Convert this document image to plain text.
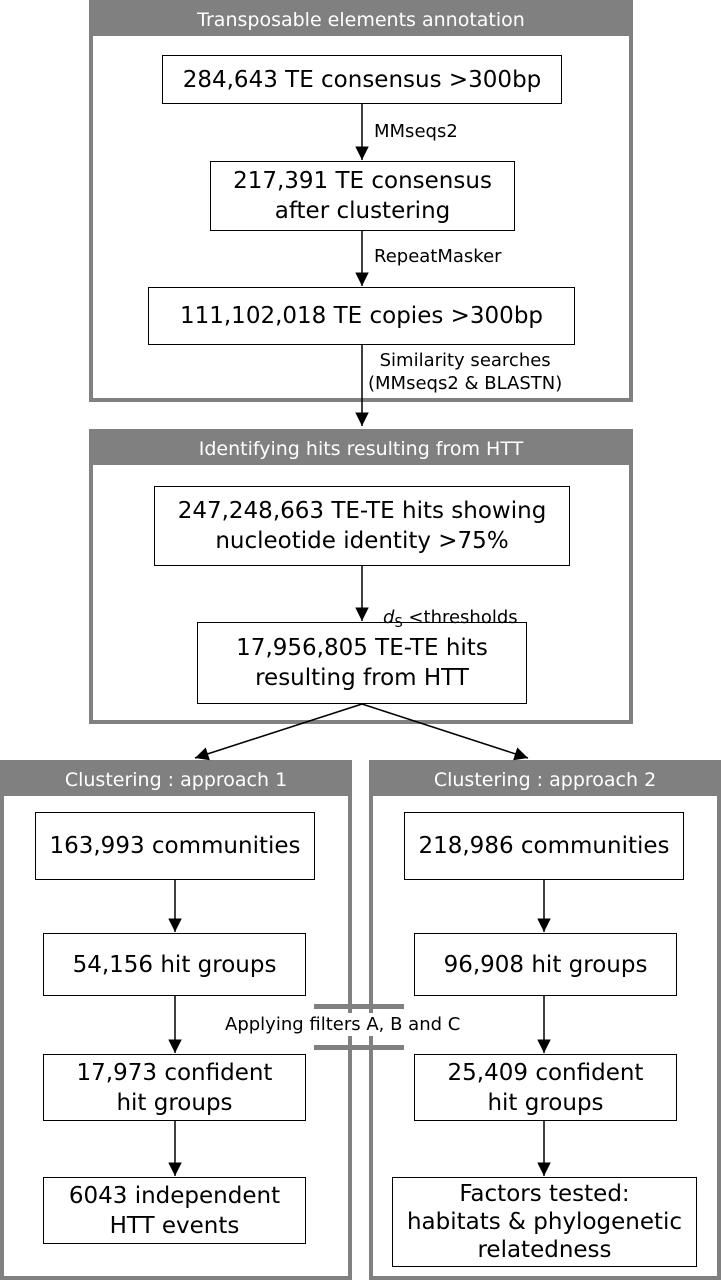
Transposable elements annotation
Identifying hits resulting from HTT
Clustering : approach 1	Clustering : approach 2
284,643 TE consensus >300bp
217,391 TE consensus
after clustering
111,102,018 TE copies >300bp
247,248,663 TE-TE hits showing
nucleotide identity >75%
17,956,805 TE-TE hits
resulting from HTT
163,993 communities
54,156 hit groups
17,973 confident
hit groups
6043 independent
HTT events
218,986 communities
96,908 hit groups
25,409 confident
hit groups
Factors tested:
habitats & phylogenetic
relatedness
MMseqs2
RepeatMasker
Similarity searches
(MMseqs2 & BLASTN)

$d_S$ <thresholds

Applying filters A, B and C
